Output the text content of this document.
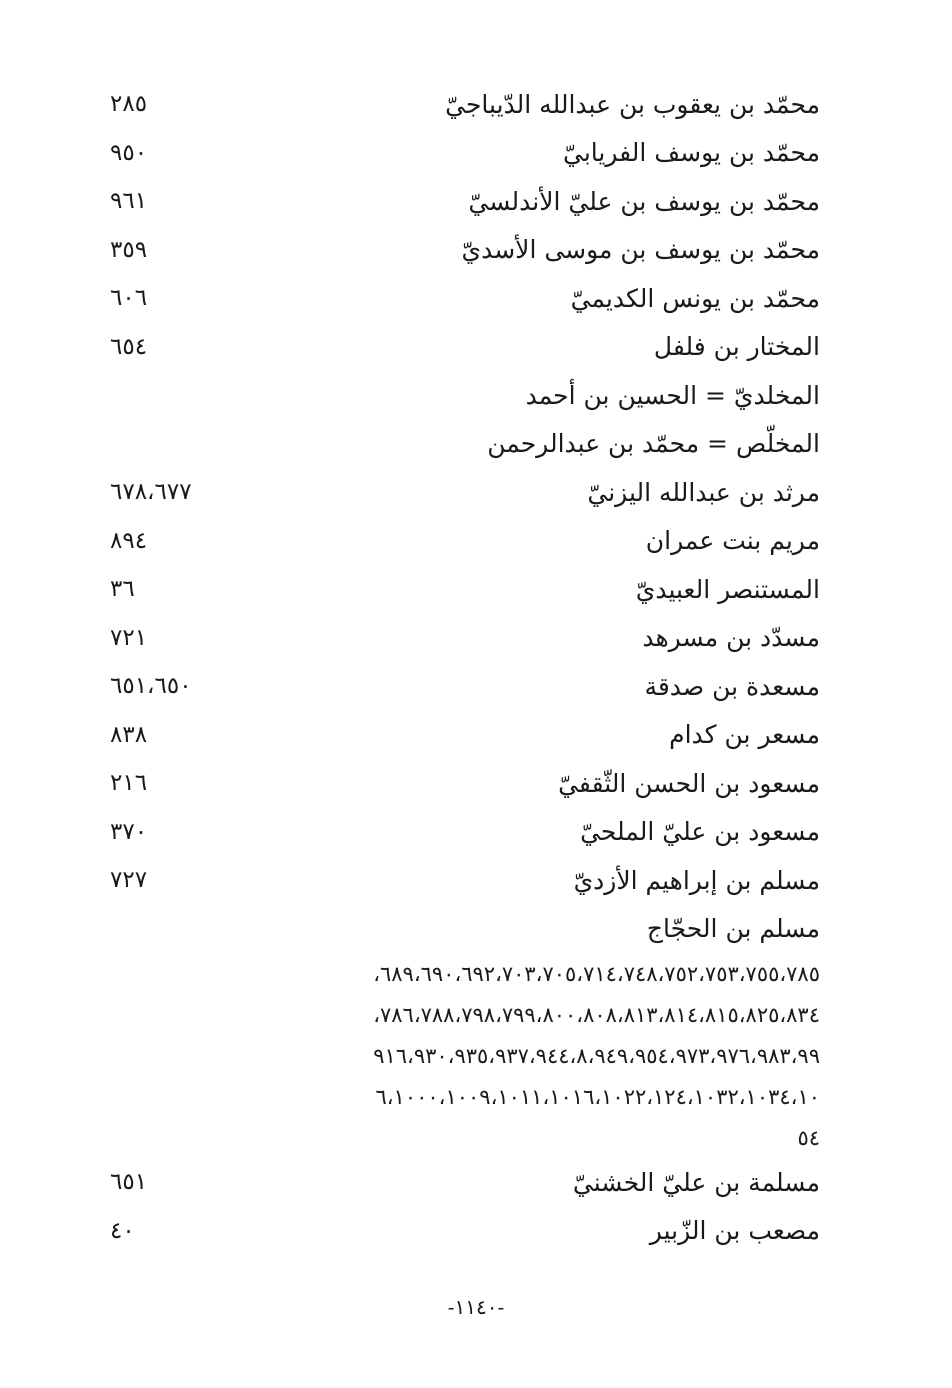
محمّد بن يعقوب بن عبدالله الدّيباجيّ
٢٨٥
محمّد بن يوسف الفريابيّ
٩٥٠
محمّد بن يوسف بن عليّ الأندلسيّ
٩٦١
محمّد بن يوسف بن موسى الأسديّ
٣٥٩
محمّد بن يونس الكديميّ
٦٠٦
المختار بن فلفل
٦٥٤
المخلديّ = الحسين بن أحمد
المخلّص = محمّد بن عبدالرحمن
مرثد بن عبدالله اليزنيّ
٦٧٨،٦٧٧
مريم بنت عمران
٨٩٤
المستنصر العبيديّ
٣٦
مسدّد بن مسرهد
٧٢١
مسعدة بن صدقة
٦٥١،٦٥٠
مسعر بن كدام
٨٣٨
مسعود بن الحسن الثّقفيّ
٢١٦
مسعود بن عليّ الملحيّ
٣٧٠
مسلم بن إبراهيم الأزديّ
٧٢٧
مسلم بن الحجّاج
٦٨٩،٦٩٠،٦٩٢،٧٠٣،٧٠٥،٧١٤،٧٤٨،٧٥٢،٧٥٣،٧٥٥،٧٨٥،
٧٨٦،٧٨٨،٧٩٨،٧٩٩،٨٠٠،٨٠٨،٨١٣،٨١٤،٨١٥،٨٢٥،٨٣٤،
٩١٦،٩٣٠،٩٣٥،٩٣٧،٩٤٤،٨،٩٤٩،٩٥٤،٩٧٣،٩٧٦،٩٨٣،٩٩
٦،١٠٠٠،١٠٠٩،١٠١١،١٠١٦،١٠٢٢،١٢٤،١٠٣٢،١٠٣٤،١٠
٥٤
مسلمة بن عليّ الخشنيّ
٦٥١
مصعب بن الزّبير
٤٠
-١١٤٠-
